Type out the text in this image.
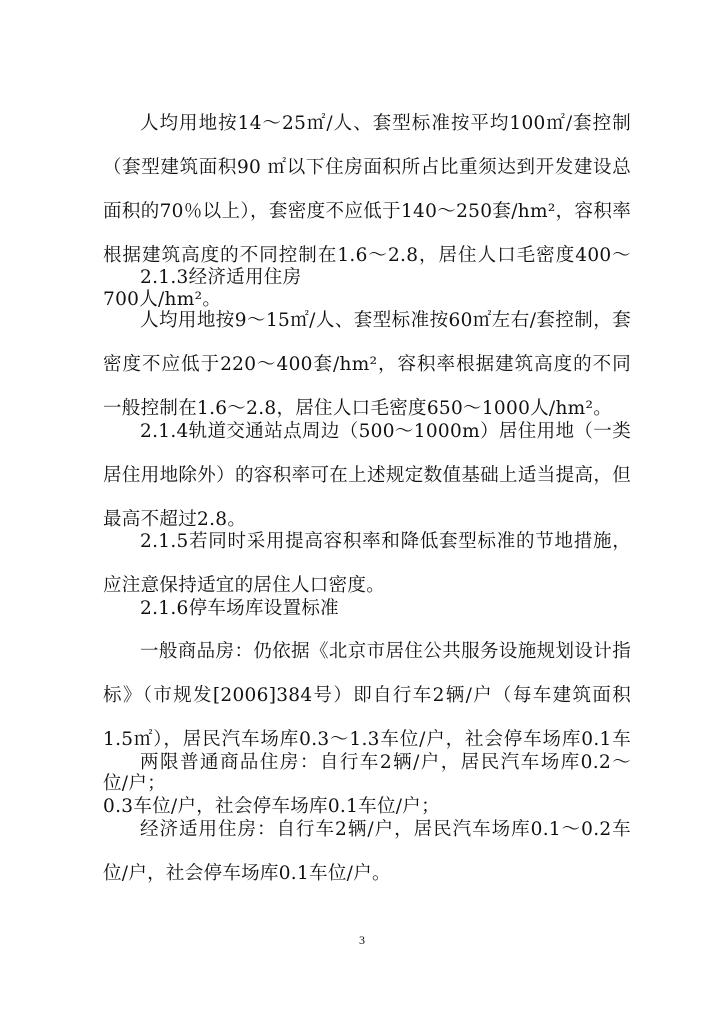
人均用地按14～25㎡/人、套型标准按平均100㎡/套控制（套型建筑面积90 ㎡以下住房面积所占比重须达到开发建设总面积的70％以上），套密度不应低于140～250套/hm²，容积率根据建筑高度的不同控制在1.6～2.8，居住人口毛密度400～700人/hm²。

2.1.3经济适用住房

人均用地按9～15㎡/人、套型标准按60㎡左右/套控制，套密度不应低于220～400套/hm²，容积率根据建筑高度的不同一般控制在1.6～2.8，居住人口毛密度650～1000人/hm²。

2.1.4轨道交通站点周边（500～1000m）居住用地（一类居住用地除外）的容积率可在上述规定数值基础上适当提高，但最高不超过2.8。

2.1.5若同时采用提高容积率和降低套型标准的节地措施，应注意保持适宜的居住人口密度。

2.1.6停车场库设置标准

一般商品房：仍依据《北京市居住公共服务设施规划设计指标》（市规发[2006]384号）即自行车2辆/户（每车建筑面积1.5㎡），居民汽车场库0.3～1.3车位/户，社会停车场库0.1车位/户；

两限普通商品住房：自行车2辆/户，居民汽车场库0.2～0.3车位/户，社会停车场库0.1车位/户；

经济适用住房：自行车2辆/户，居民汽车场库0.1～0.2车位/户，社会停车场库0.1车位/户。

3
